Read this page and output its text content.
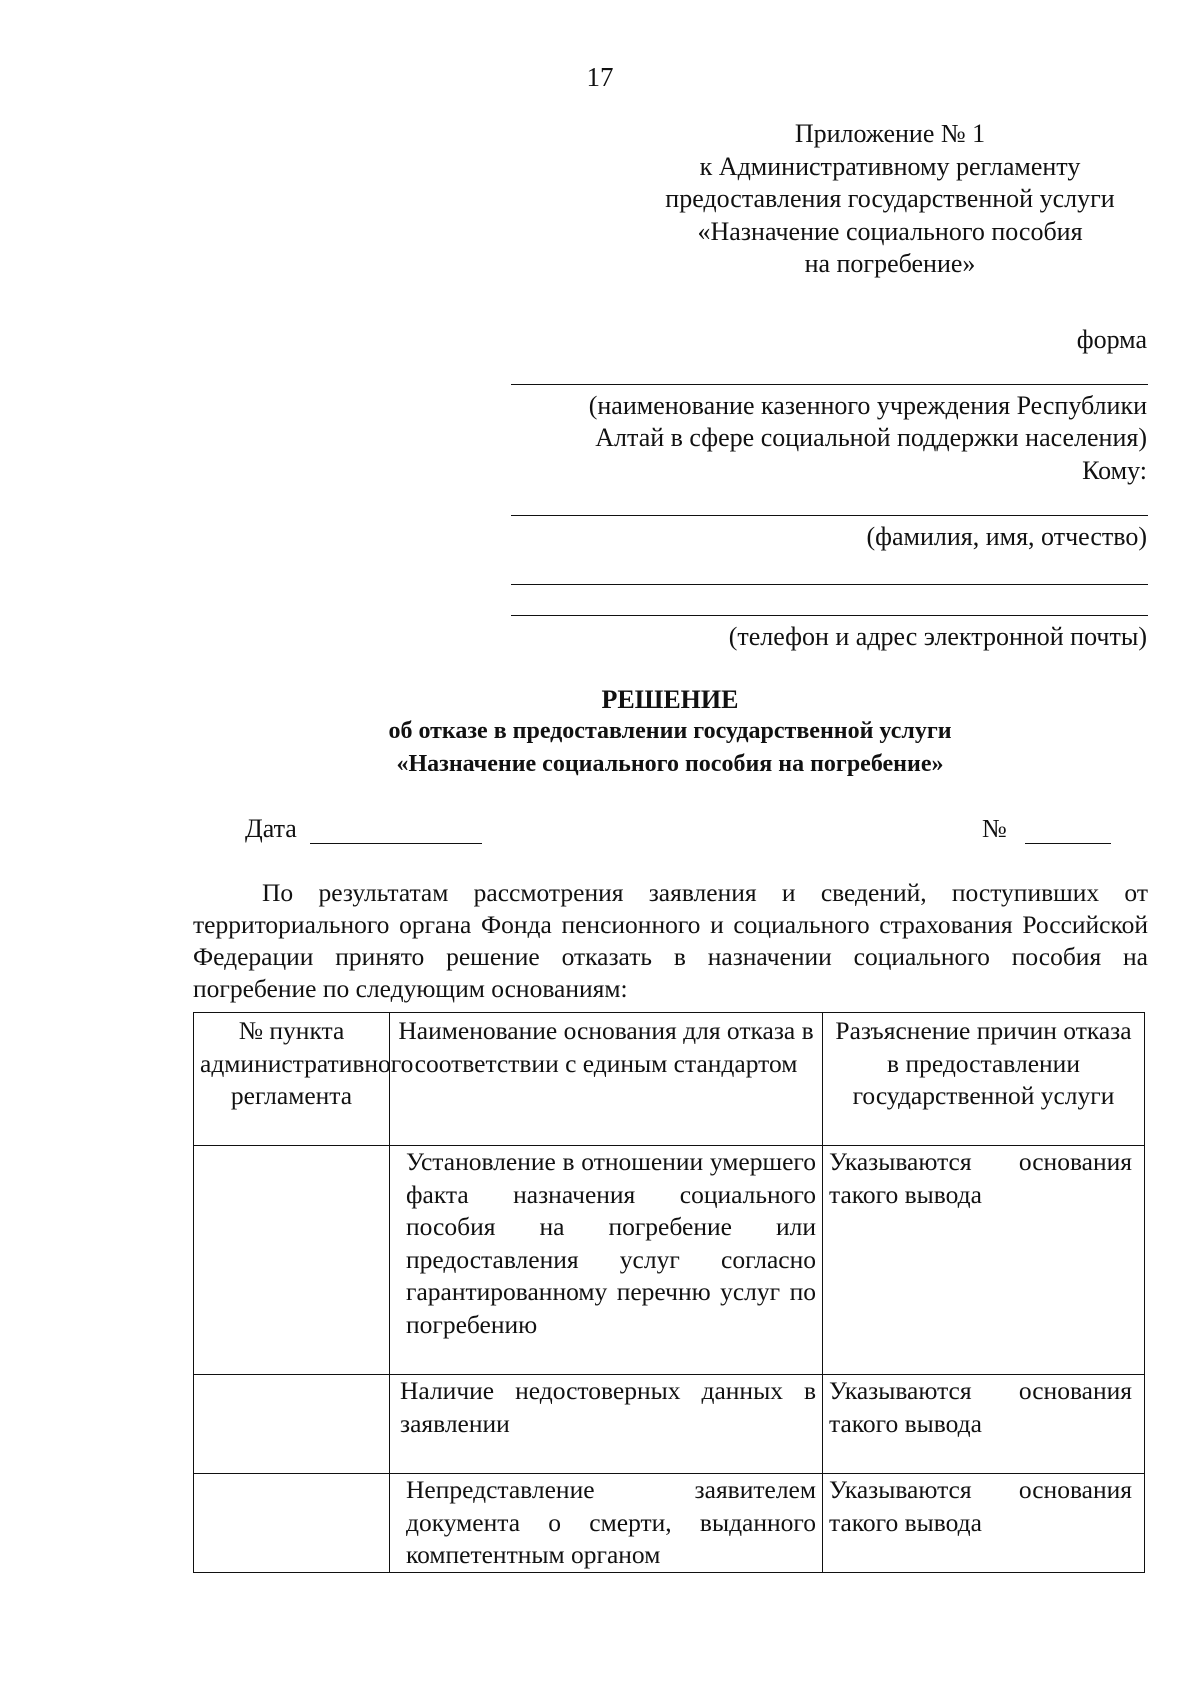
17
Приложение № 1
к Административному регламенту
предоставления государственной услуги
«Назначение социального пособия
на погребение»
форма
(наименование казенного учреждения Республики
Алтай в сфере социальной поддержки населения)
Кому:
(фамилия, имя, отчество)
(телефон и адрес электронной почты)
РЕШЕНИЕ
об отказе в предоставлении государственной услуги
«Назначение социального пособия на погребение»
Дата	№

По результатам рассмотрения заявления и сведений, поступивших от территориального органа Фонда пенсионного и социального страхования Российской Федерации принято решение отказать в назначении социального пособия на погребение по следующим основаниям:

№ пункта административного регламента	Наименование основания для отказа в соответствии с единым стандартом	Разъяснение причин отказа в предоставлении государственной услуги
	Установление в отношении умершего факта назначения социального пособия на погребение или предоставления услуг согласно гарантированному перечню услуг по погребению	Указываются основания такого вывода
	Наличие недостоверных данных в заявлении	Указываются основания такого вывода
	Непредставление заявителем документа о смерти, выданного компетентным органом	Указываются основания такого вывода
